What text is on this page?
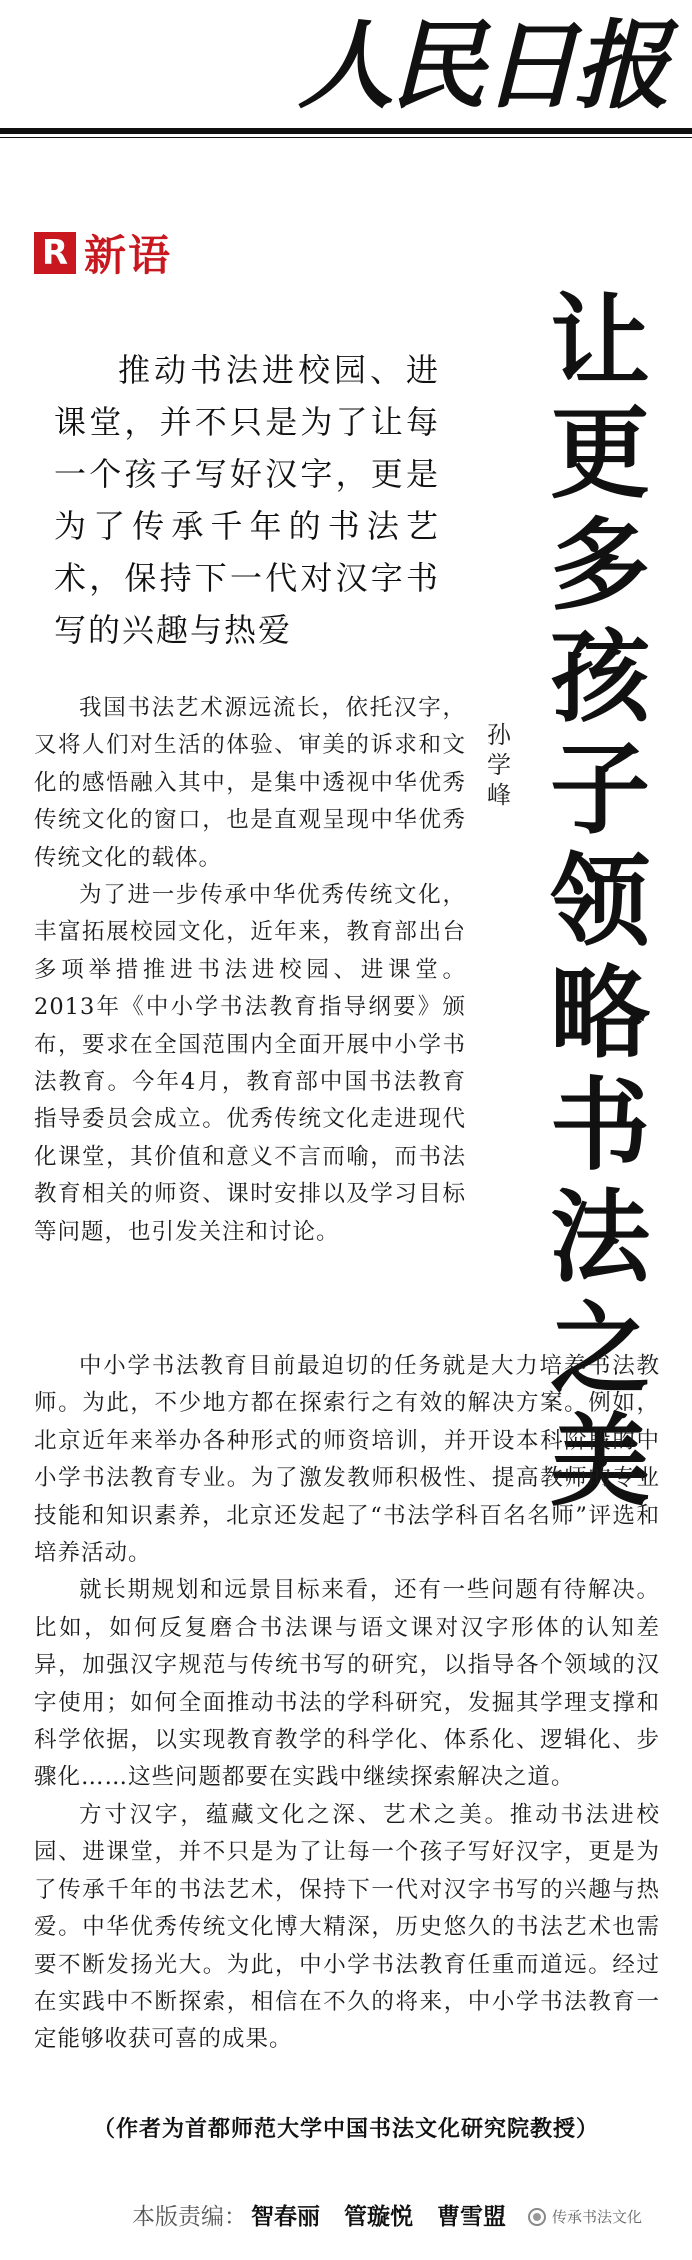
人民日报
R 新语

推动书法进校园、进课堂，并不只是为了让每一个孩子写好汉字，更是为了传承千年的书法艺术，保持下一代对汉字书写的兴趣与热爱

让
更
多
孩
子
领
略
书
法
之
美
孙
学
峰

我国书法艺术源远流长，依托汉字，又将人们对生活的体验、审美的诉求和文化的感悟融入其中，是集中透视中华优秀传统文化的窗口，也是直观呈现中华优秀传统文化的载体。

为了进一步传承中华优秀传统文化，丰富拓展校园文化，近年来，教育部出台多项举措推进书法进校园、进课堂。2013年《中小学书法教育指导纲要》颁布，要求在全国范围内全面开展中小学书法教育。今年4月，教育部中国书法教育指导委员会成立。优秀传统文化走进现代化课堂，其价值和意义不言而喻，而书法教育相关的师资、课时安排以及学习目标等问题，也引发关注和讨论。

中小学书法教育目前最迫切的任务就是大力培养书法教师。为此，不少地方都在探索行之有效的解决方案。例如，北京近年来举办各种形式的师资培训，并开设本科阶段的中小学书法教育专业。为了激发教师积极性、提高教师的专业技能和知识素养，北京还发起了“书法学科百名名师”评选和培养活动。

就长期规划和远景目标来看，还有一些问题有待解决。比如，如何反复磨合书法课与语文课对汉字形体的认知差异，加强汉字规范与传统书写的研究，以指导各个领域的汉字使用；如何全面推动书法的学科研究，发掘其学理支撑和科学依据，以实现教育教学的科学化、体系化、逻辑化、步骤化……这些问题都要在实践中继续探索解决之道。

方寸汉字，蕴藏文化之深、艺术之美。推动书法进校园、进课堂，并不只是为了让每一个孩子写好汉字，更是为了传承千年的书法艺术，保持下一代对汉字书写的兴趣与热爱。中华优秀传统文化博大精深，历史悠久的书法艺术也需要不断发扬光大。为此，中小学书法教育任重而道远。经过在实践中不断探索，相信在不久的将来，中小学书法教育一定能够收获可喜的成果。

（作者为首都师范大学中国书法文化研究院教授）
本版责编： 智春丽 管璇悦 曹雪盟	传承书法文化
